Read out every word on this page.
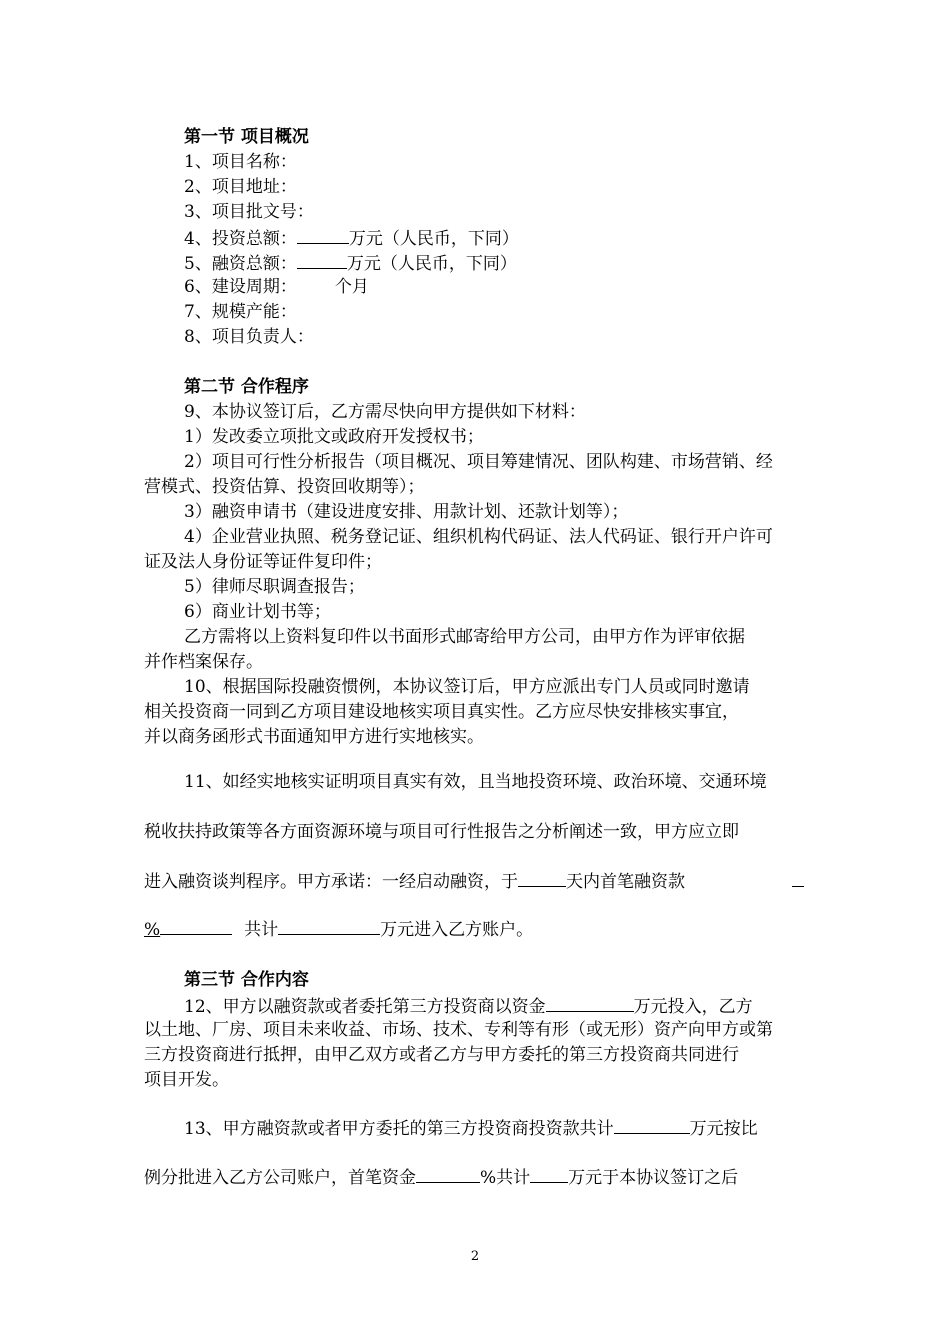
第一节 项目概况
1、项目名称：
2、项目地址：
3、项目批文号：
4、投资总额：	万元（人民币，下同）
5、融资总额：	万元（人民币，下同）
6、建设周期： 个月
7、规模产能：
8、项目负责人：
第二节 合作程序
9、本协议签订后，乙方需尽快向甲方提供如下材料：
1）发改委立项批文或政府开发授权书；
2）项目可行性分析报告（项目概况、项目筹建情况、团队构建、市场营销、经
营模式、投资估算、投资回收期等）；
3）融资申请书（建设进度安排、用款计划、还款计划等）；
4）企业营业执照、税务登记证、组织机构代码证、法人代码证、银行开户许可
证及法人身份证等证件复印件；
5）律师尽职调查报告；
6）商业计划书等；
乙方需将以上资料复印件以书面形式邮寄给甲方公司，由甲方作为评审依据
并作档案保存。
10、根据国际投融资惯例，本协议签订后，甲方应派出专门人员或同时邀请
相关投资商一同到乙方项目建设地核实项目真实性。乙方应尽快安排核实事宜，
并以商务函形式书面通知甲方进行实地核实。
11、如经实地核实证明项目真实有效，且当地投资环境、政治环境、交通环境
税收扶持政策等各方面资源环境与项目可行性报告之分析阐述一致，甲方应立即
进入融资谈判程序。甲方承诺：一经启动融资，于	天内首笔融资款
%	共计	万元进入乙方账户。
第三节 合作内容
12、甲方以融资款或者委托第三方投资商以资金	万元投入，乙方
以土地、厂房、项目未来收益、市场、技术、专利等有形（或无形）资产向甲方或第
三方投资商进行抵押，由甲乙双方或者乙方与甲方委托的第三方投资商共同进行
项目开发。
13、甲方融资款或者甲方委托的第三方投资商投资款共计	万元按比
例分批进入乙方公司账户，首笔资金	%共计 万元于本协议签订之后
2
